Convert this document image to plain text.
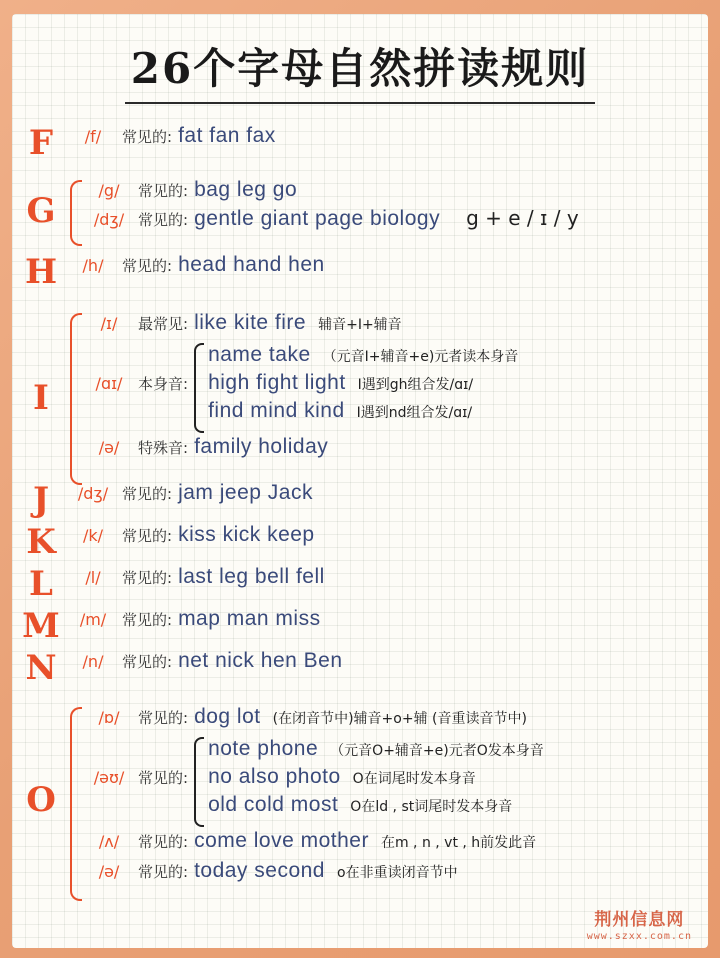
26个字母自然拼读规则
F	/f/	常见的: fat fan fax
G
/g/	常见的: bag leg go
/dʒ/ 常见的: gentle giant page biology g + e / ɪ / y
H	/h/	常见的: head hand hen
I
/ɪ/	最常见: like kite fire 辅音+I+辅音
/ɑɪ/	本身音:
name take （元音I+辅音+e)元者读本身音
high fight light I遇到gh组合发/ɑɪ/
find mind kind I遇到nd组合发/ɑɪ/
/ə/	特殊音: family holiday
J	/dʒ/ 常见的: jam jeep Jack
K	/k/	常见的: kiss kick keep
L	/l/	常见的: last leg bell fell
M	/m/	常见的: map man miss
N	/n/	常见的: net nick hen Ben
O
/ɒ/	常见的: dog lot (在闭音节中)辅音+o+辅 (音重读音节中)
/əʊ/ 常见的:
note phone （元音O+辅音+e)元者O发本身音
no also photo O在词尾时发本身音
old cold most O在ld , st词尾时发本身音
/ʌ/	常见的: come love mother 在m , n , vt , h前发此音
/ə/	常见的: today second o在非重读闭音节中
荆州信息网
www.szxx.com.cn
